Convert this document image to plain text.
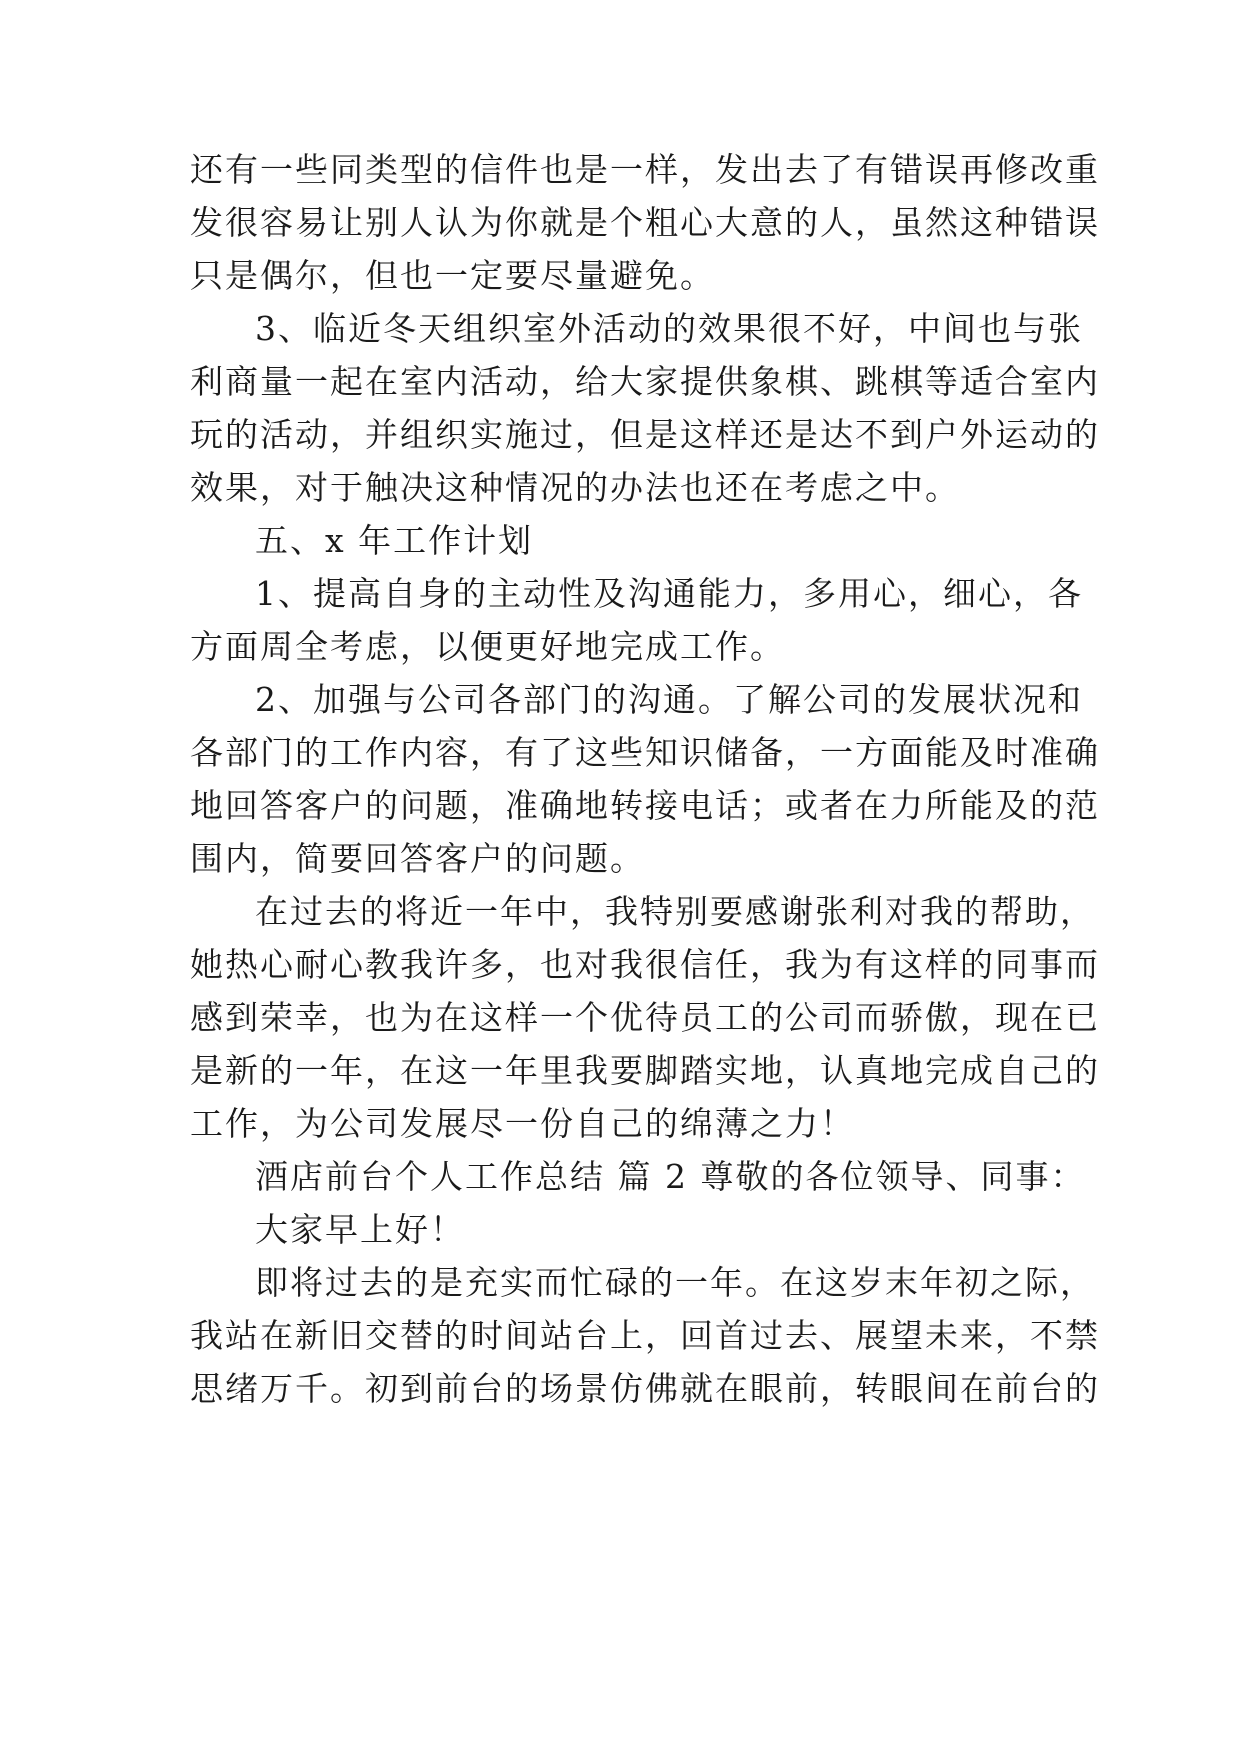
还有一些同类型的信件也是一样，发出去了有错误再修改重
发很容易让别人认为你就是个粗心大意的人，虽然这种错误
只是偶尔，但也一定要尽量避免。
3、临近冬天组织室外活动的效果很不好，中间也与张
利商量一起在室内活动，给大家提供象棋、跳棋等适合室内
玩的活动，并组织实施过，但是这样还是达不到户外运动的
效果，对于触决这种情况的办法也还在考虑之中。
五、x 年工作计划
1、提高自身的主动性及沟通能力，多用心，细心，各
方面周全考虑，以便更好地完成工作。
2、加强与公司各部门的沟通。了解公司的发展状况和
各部门的工作内容，有了这些知识储备，一方面能及时准确
地回答客户的问题，准确地转接电话；或者在力所能及的范
围内，简要回答客户的问题。
在过去的将近一年中，我特别要感谢张利对我的帮助，
她热心耐心教我许多，也对我很信任，我为有这样的同事而
感到荣幸，也为在这样一个优待员工的公司而骄傲，现在已
是新的一年，在这一年里我要脚踏实地，认真地完成自己的
工作，为公司发展尽一份自己的绵薄之力！
酒店前台个人工作总结 篇 2 尊敬的各位领导、同事：
大家早上好！
即将过去的是充实而忙碌的一年。在这岁末年初之际，
我站在新旧交替的时间站台上，回首过去、展望未来，不禁
思绪万千。初到前台的场景仿佛就在眼前，转眼间在前台的
